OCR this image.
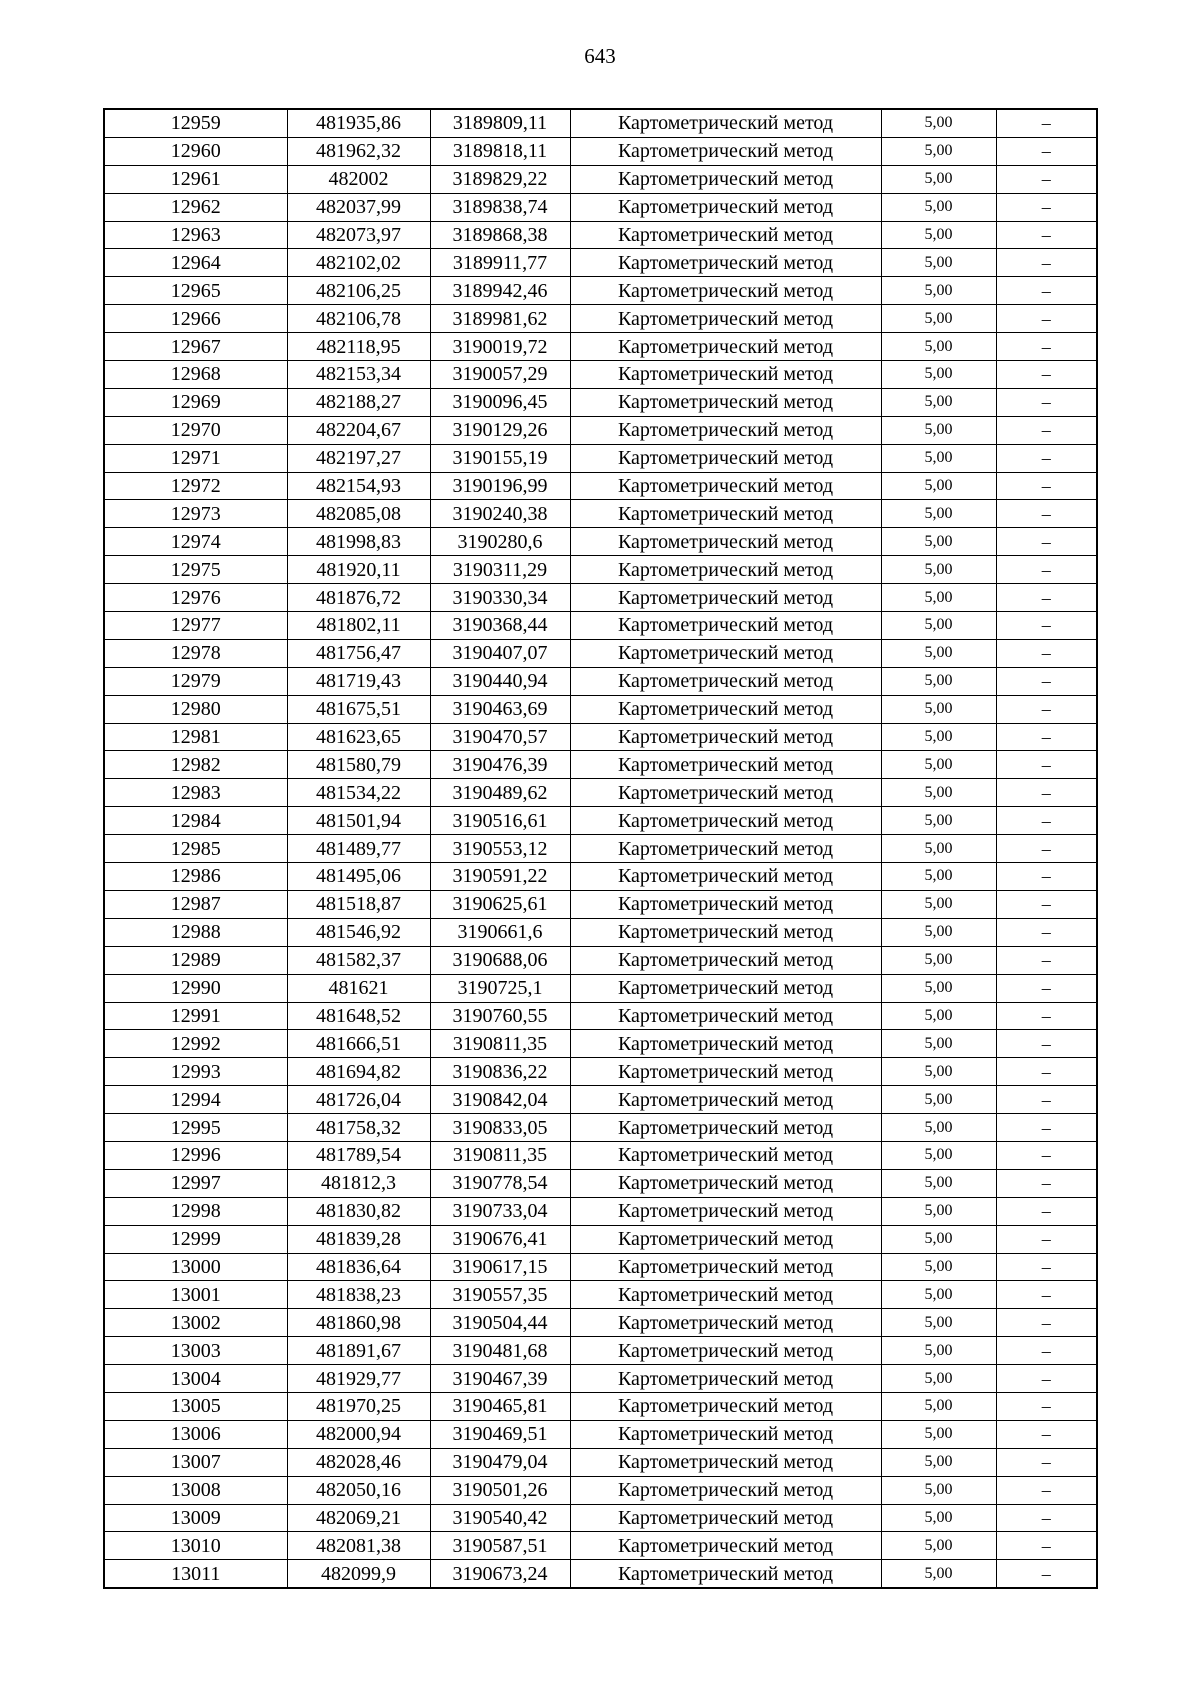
643
12959	481935,86	3189809,11	Картометрический метод	5,00	–
12960	481962,32	3189818,11	Картометрический метод	5,00	–
12961	482002	3189829,22	Картометрический метод	5,00	–
12962	482037,99	3189838,74	Картометрический метод	5,00	–
12963	482073,97	3189868,38	Картометрический метод	5,00	–
12964	482102,02	3189911,77	Картометрический метод	5,00	–
12965	482106,25	3189942,46	Картометрический метод	5,00	–
12966	482106,78	3189981,62	Картометрический метод	5,00	–
12967	482118,95	3190019,72	Картометрический метод	5,00	–
12968	482153,34	3190057,29	Картометрический метод	5,00	–
12969	482188,27	3190096,45	Картометрический метод	5,00	–
12970	482204,67	3190129,26	Картометрический метод	5,00	–
12971	482197,27	3190155,19	Картометрический метод	5,00	–
12972	482154,93	3190196,99	Картометрический метод	5,00	–
12973	482085,08	3190240,38	Картометрический метод	5,00	–
12974	481998,83	3190280,6	Картометрический метод	5,00	–
12975	481920,11	3190311,29	Картометрический метод	5,00	–
12976	481876,72	3190330,34	Картометрический метод	5,00	–
12977	481802,11	3190368,44	Картометрический метод	5,00	–
12978	481756,47	3190407,07	Картометрический метод	5,00	–
12979	481719,43	3190440,94	Картометрический метод	5,00	–
12980	481675,51	3190463,69	Картометрический метод	5,00	–
12981	481623,65	3190470,57	Картометрический метод	5,00	–
12982	481580,79	3190476,39	Картометрический метод	5,00	–
12983	481534,22	3190489,62	Картометрический метод	5,00	–
12984	481501,94	3190516,61	Картометрический метод	5,00	–
12985	481489,77	3190553,12	Картометрический метод	5,00	–
12986	481495,06	3190591,22	Картометрический метод	5,00	–
12987	481518,87	3190625,61	Картометрический метод	5,00	–
12988	481546,92	3190661,6	Картометрический метод	5,00	–
12989	481582,37	3190688,06	Картометрический метод	5,00	–
12990	481621	3190725,1	Картометрический метод	5,00	–
12991	481648,52	3190760,55	Картометрический метод	5,00	–
12992	481666,51	3190811,35	Картометрический метод	5,00	–
12993	481694,82	3190836,22	Картометрический метод	5,00	–
12994	481726,04	3190842,04	Картометрический метод	5,00	–
12995	481758,32	3190833,05	Картометрический метод	5,00	–
12996	481789,54	3190811,35	Картометрический метод	5,00	–
12997	481812,3	3190778,54	Картометрический метод	5,00	–
12998	481830,82	3190733,04	Картометрический метод	5,00	–
12999	481839,28	3190676,41	Картометрический метод	5,00	–
13000	481836,64	3190617,15	Картометрический метод	5,00	–
13001	481838,23	3190557,35	Картометрический метод	5,00	–
13002	481860,98	3190504,44	Картометрический метод	5,00	–
13003	481891,67	3190481,68	Картометрический метод	5,00	–
13004	481929,77	3190467,39	Картометрический метод	5,00	–
13005	481970,25	3190465,81	Картометрический метод	5,00	–
13006	482000,94	3190469,51	Картометрический метод	5,00	–
13007	482028,46	3190479,04	Картометрический метод	5,00	–
13008	482050,16	3190501,26	Картометрический метод	5,00	–
13009	482069,21	3190540,42	Картометрический метод	5,00	–
13010	482081,38	3190587,51	Картометрический метод	5,00	–
13011	482099,9	3190673,24	Картометрический метод	5,00	–
